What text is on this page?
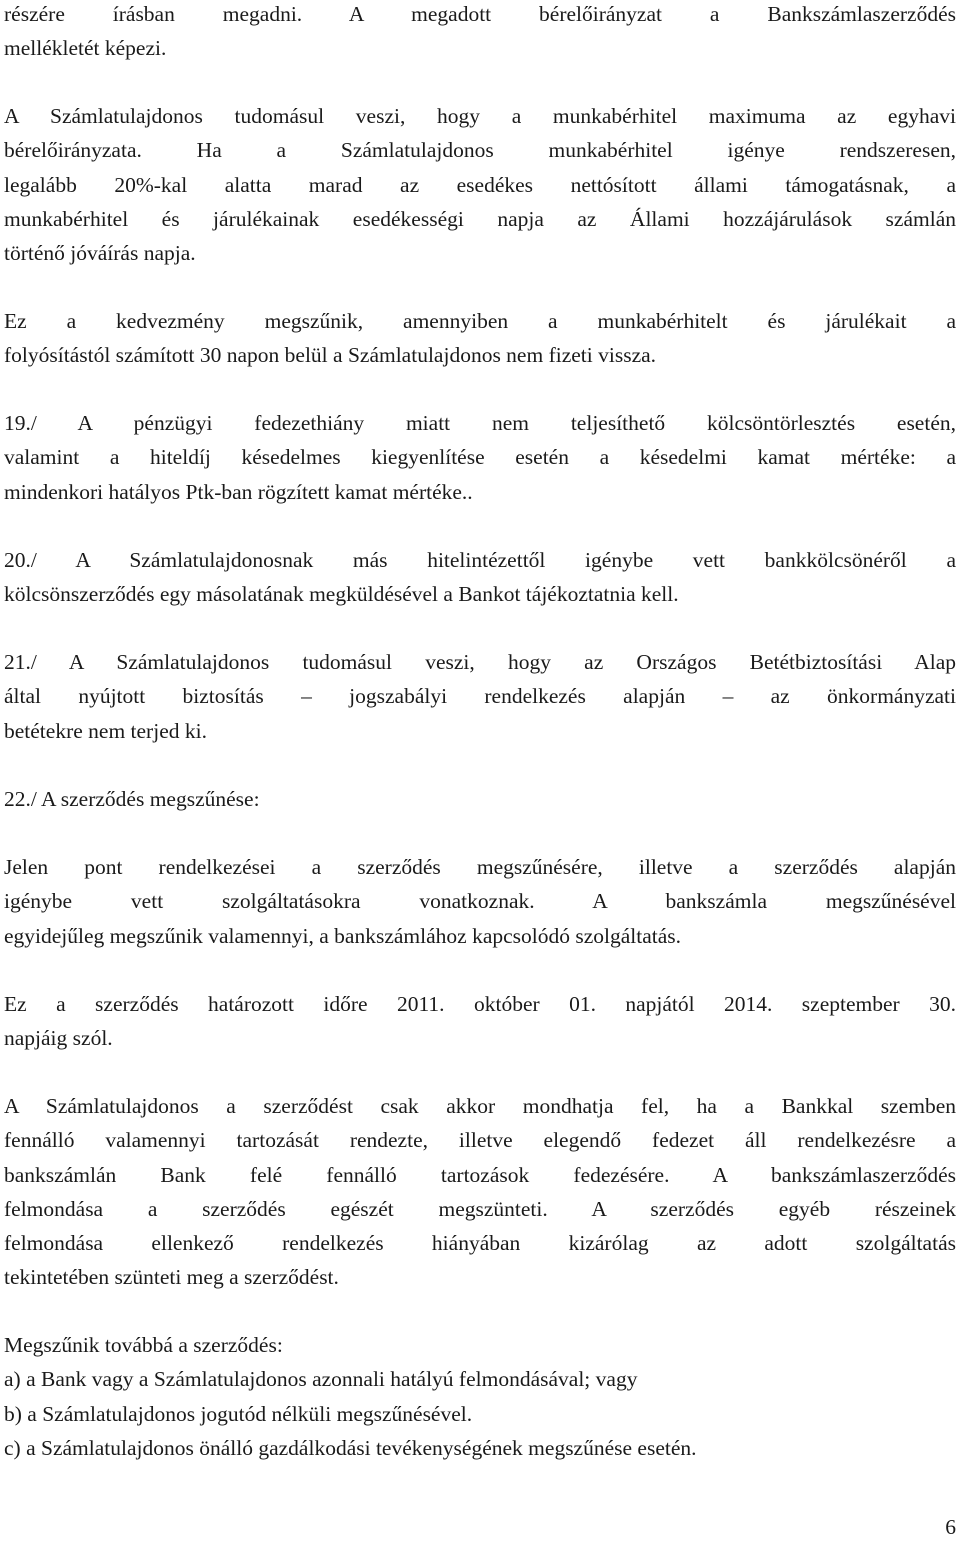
részére írásban megadni. A megadott bérelőirányzat a Bankszámlaszerződés
mellékletét képezi.

A Számlatulajdonos tudomásul veszi, hogy a munkabérhitel maximuma az egyhavi
bérelőirányzata. Ha a Számlatulajdonos munkabérhitel igénye rendszeresen,
legalább 20%-kal alatta marad az esedékes nettósított állami támogatásnak, a
munkabérhitel és járulékainak esedékességi napja az Állami hozzájárulások számlán
történő jóváírás napja.

Ez a kedvezmény megszűnik, amennyiben a munkabérhitelt és járulékait a
folyósítástól számított 30 napon belül a Számlatulajdonos nem fizeti vissza.

19./ A pénzügyi fedezethiány miatt nem teljesíthető kölcsöntörlesztés esetén,
valamint a hiteldíj késedelmes kiegyenlítése esetén a késedelmi kamat mértéke: a
mindenkori hatályos Ptk-ban rögzített kamat mértéke..

20./ A Számlatulajdonosnak más hitelintézettől igénybe vett bankkölcsönéről a
kölcsönszerződés egy másolatának megküldésével a Bankot tájékoztatnia kell.

21./ A Számlatulajdonos tudomásul veszi, hogy az Országos Betétbiztosítási Alap
által nyújtott biztosítás – jogszabályi rendelkezés alapján – az önkormányzati
betétekre nem terjed ki.

22./ A szerződés megszűnése:

Jelen pont rendelkezései a szerződés megszűnésére, illetve a szerződés alapján
igénybe vett szolgáltatásokra vonatkoznak. A bankszámla megszűnésével
egyidejűleg megszűnik valamennyi, a bankszámlához kapcsolódó szolgáltatás.

Ez a szerződés határozott időre 2011. október 01. napjától 2014. szeptember 30.
napjáig szól.

A Számlatulajdonos a szerződést csak akkor mondhatja fel, ha a Bankkal szemben
fennálló valamennyi tartozását rendezte, illetve elegendő fedezet áll rendelkezésre a
bankszámlán Bank felé fennálló tartozások fedezésére. A bankszámlaszerződés
felmondása a szerződés egészét megszünteti. A szerződés egyéb részeinek
felmondása ellenkező rendelkezés hiányában kizárólag az adott szolgáltatás
tekintetében szünteti meg a szerződést.

Megszűnik továbbá a szerződés:

a) a Bank vagy a Számlatulajdonos azonnali hatályú felmondásával; vagy
b) a Számlatulajdonos jogutód nélküli megszűnésével.
c) a Számlatulajdonos önálló gazdálkodási tevékenységének megszűnése esetén.
6
